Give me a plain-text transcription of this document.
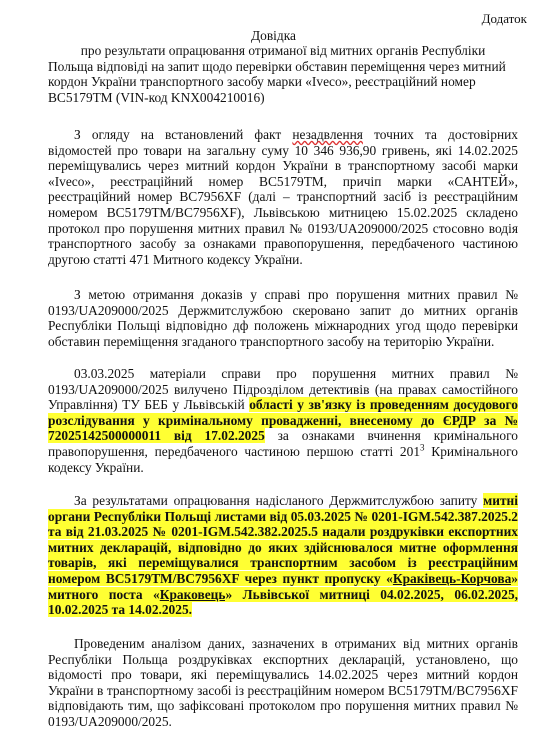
Додаток
Довідка
про результати опрацювання отриманої від митних органів Республіки
Польща відповіді на запит щодо перевірки обставин переміщення через митний
кордон України транспортного засобу марки «Iveco», реєстраційний номер
ВС5179ТМ (VIN-код KNX004210016)

З огляду на встановлений факт незадвлення точних та достовірних відомостей про товари на загальну суму 10 346 936,90 гривень, які 14.02.2025 переміщувались через митний кордон України в транспортному засобі марки «Iveco», реєстраційний номер ВС5179ТМ, причіп марки «САНТЕЙ», реєстраційний номер ВС7956XF (далі – транспортний засіб із реєстраційним номером ВС5179ТМ/ВС7956XF), Львівською митницею 15.02.2025 складено протокол про порушення митних правил № 0193/UA209000/2025 стосовно водія транспортного засобу за ознаками правопорушення, передбаченого частиною другою статті 471 Митного кодексу України.

З метою отримання доказів у справі про порушення митних правил № 0193/UA209000/2025 Держмитслужбою скеровано запит до митних органів Республіки Польщі відповідно дф положень міжнародних угод щодо перевірки обставин переміщення згаданого транспортного засобу на територію України.

03.03.2025 матеріали справи про порушення митних правил № 0193/UA209000/2025 вилучено Підрозділом детективів (на правах самостійного Управління) ТУ БЕБ у Львівській області у зв'язку із проведенням досудового розслідування у кримінальному провадженні, внесеному до ЄРДР за № 72025142500000011 від 17.02.2025 за ознаками вчинення кримінального правопорушення, передбаченого частиною першою статті $201^3$ Кримінального кодексу України.

За результатами опрацювання надісланого Держмитслужбою запиту митні органи Республіки Польщі листами від 05.03.2025 № 0201-IGM.542.387.2025.2 та від 21.03.2025 № 0201-IGM.542.382.2025.5 надали роздруківки експортних митних декларацій, відповідно до яких здійснювалося митне оформлення товарів, які переміщувалися транспортним засобом із реєстраційним номером ВС5179ТМ/ВС7956XF через пункт пропуску «Краківець-Корчова» митного поста «Краковець» Львівської митниці 04.02.2025, 06.02.2025, 10.02.2025 та 14.02.2025.

Проведеним аналізом даних, зазначених в отриманих від митних органів Республіки Польща роздруківках експортних декларацій, установлено, що відомості про товари, які переміщувались 14.02.2025 через митний кордон України в транспортному засобі із реєстраційним номером ВС5179ТМ/ВС7956XF відповідають тим, що зафіксовані протоколом про порушення митних правил № 0193/UA209000/2025.
